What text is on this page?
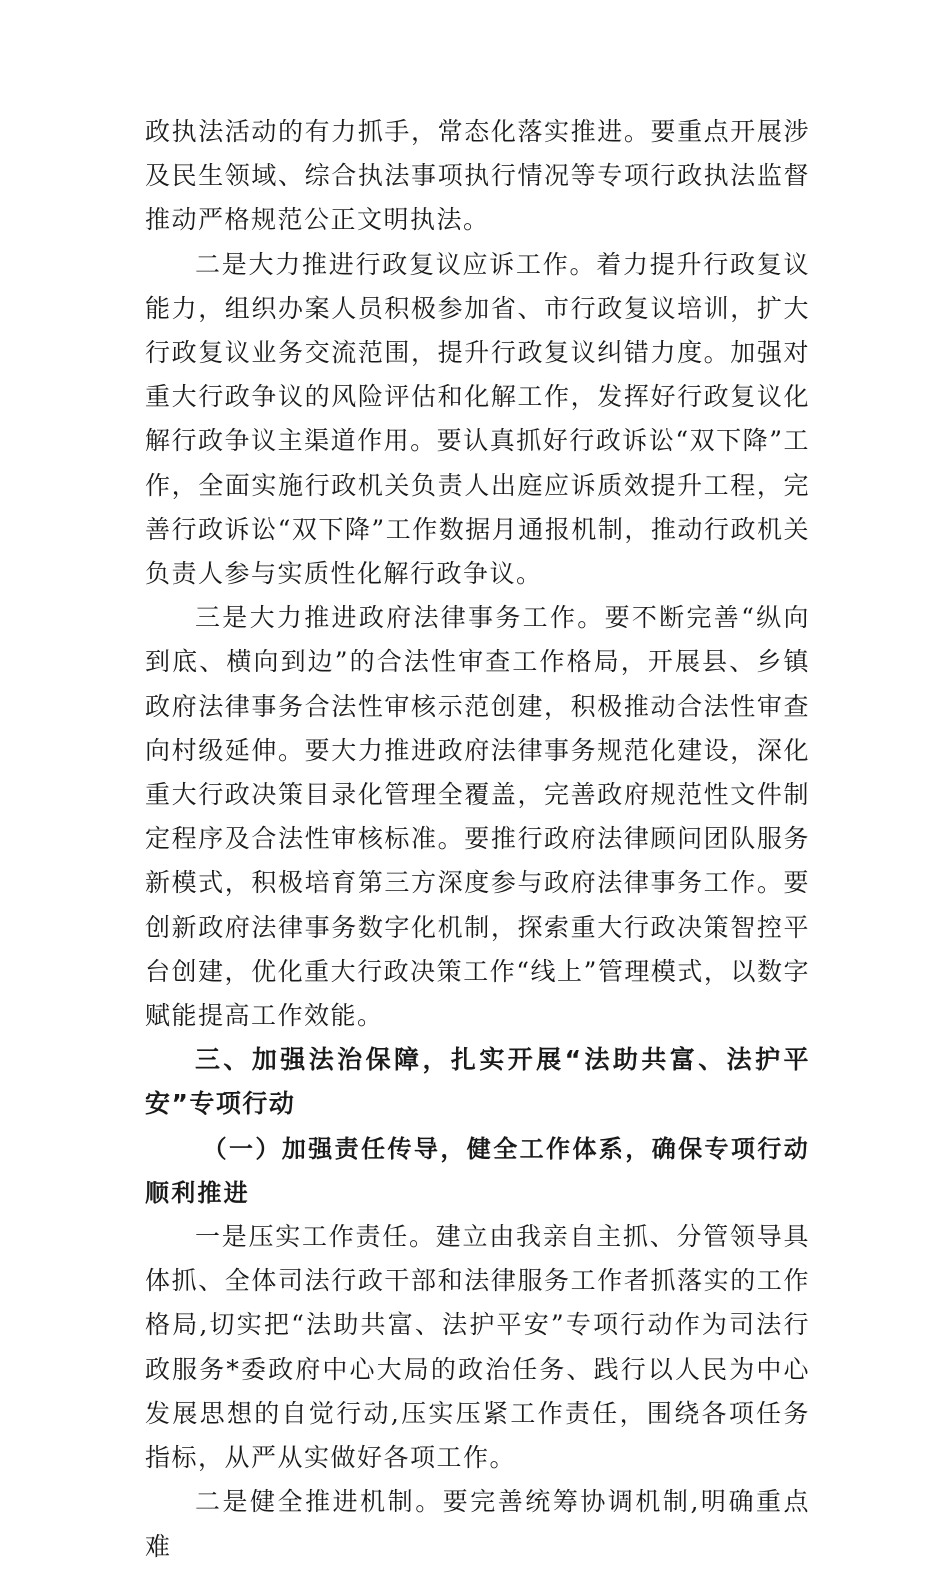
政执法活动的有力抓手，常态化落实推进。要重点开展涉及民生领域、综合执法事项执行情况等专项行政执法监督推动严格规范公正文明执法。

二是大力推进行政复议应诉工作。着力提升行政复议能力，组织办案人员积极参加省、市行政复议培训，扩大行政复议业务交流范围，提升行政复议纠错力度。加强对重大行政争议的风险评估和化解工作，发挥好行政复议化解行政争议主渠道作用。要认真抓好行政诉讼“双下降”工作，全面实施行政机关负责人出庭应诉质效提升工程，完善行政诉讼“双下降”工作数据月通报机制，推动行政机关负责人参与实质性化解行政争议。

三是大力推进政府法律事务工作。要不断完善“纵向到底、横向到边”的合法性审查工作格局，开展县、乡镇政府法律事务合法性审核示范创建，积极推动合法性审查向村级延伸。要大力推进政府法律事务规范化建设，深化重大行政决策目录化管理全覆盖，完善政府规范性文件制定程序及合法性审核标准。要推行政府法律顾问团队服务新模式，积极培育第三方深度参与政府法律事务工作。要创新政府法律事务数字化机制，探索重大行政决策智控平台创建，优化重大行政决策工作“线上”管理模式，以数字赋能提高工作效能。

三、加强法治保障，扎实开展“法助共富、法护平安”专项行动

（一）加强责任传导，健全工作体系，确保专项行动顺利推进

一是压实工作责任。建立由我亲自主抓、分管领导具体抓、全体司法行政干部和法律服务工作者抓落实的工作格局,切实把“法助共富、法护平安”专项行动作为司法行政服务*委政府中心大局的政治任务、践行以人民为中心发展思想的自觉行动,压实压紧工作责任，围绕各项任务指标，从严从实做好各项工作。

二是健全推进机制。要完善统筹协调机制,明确重点难
